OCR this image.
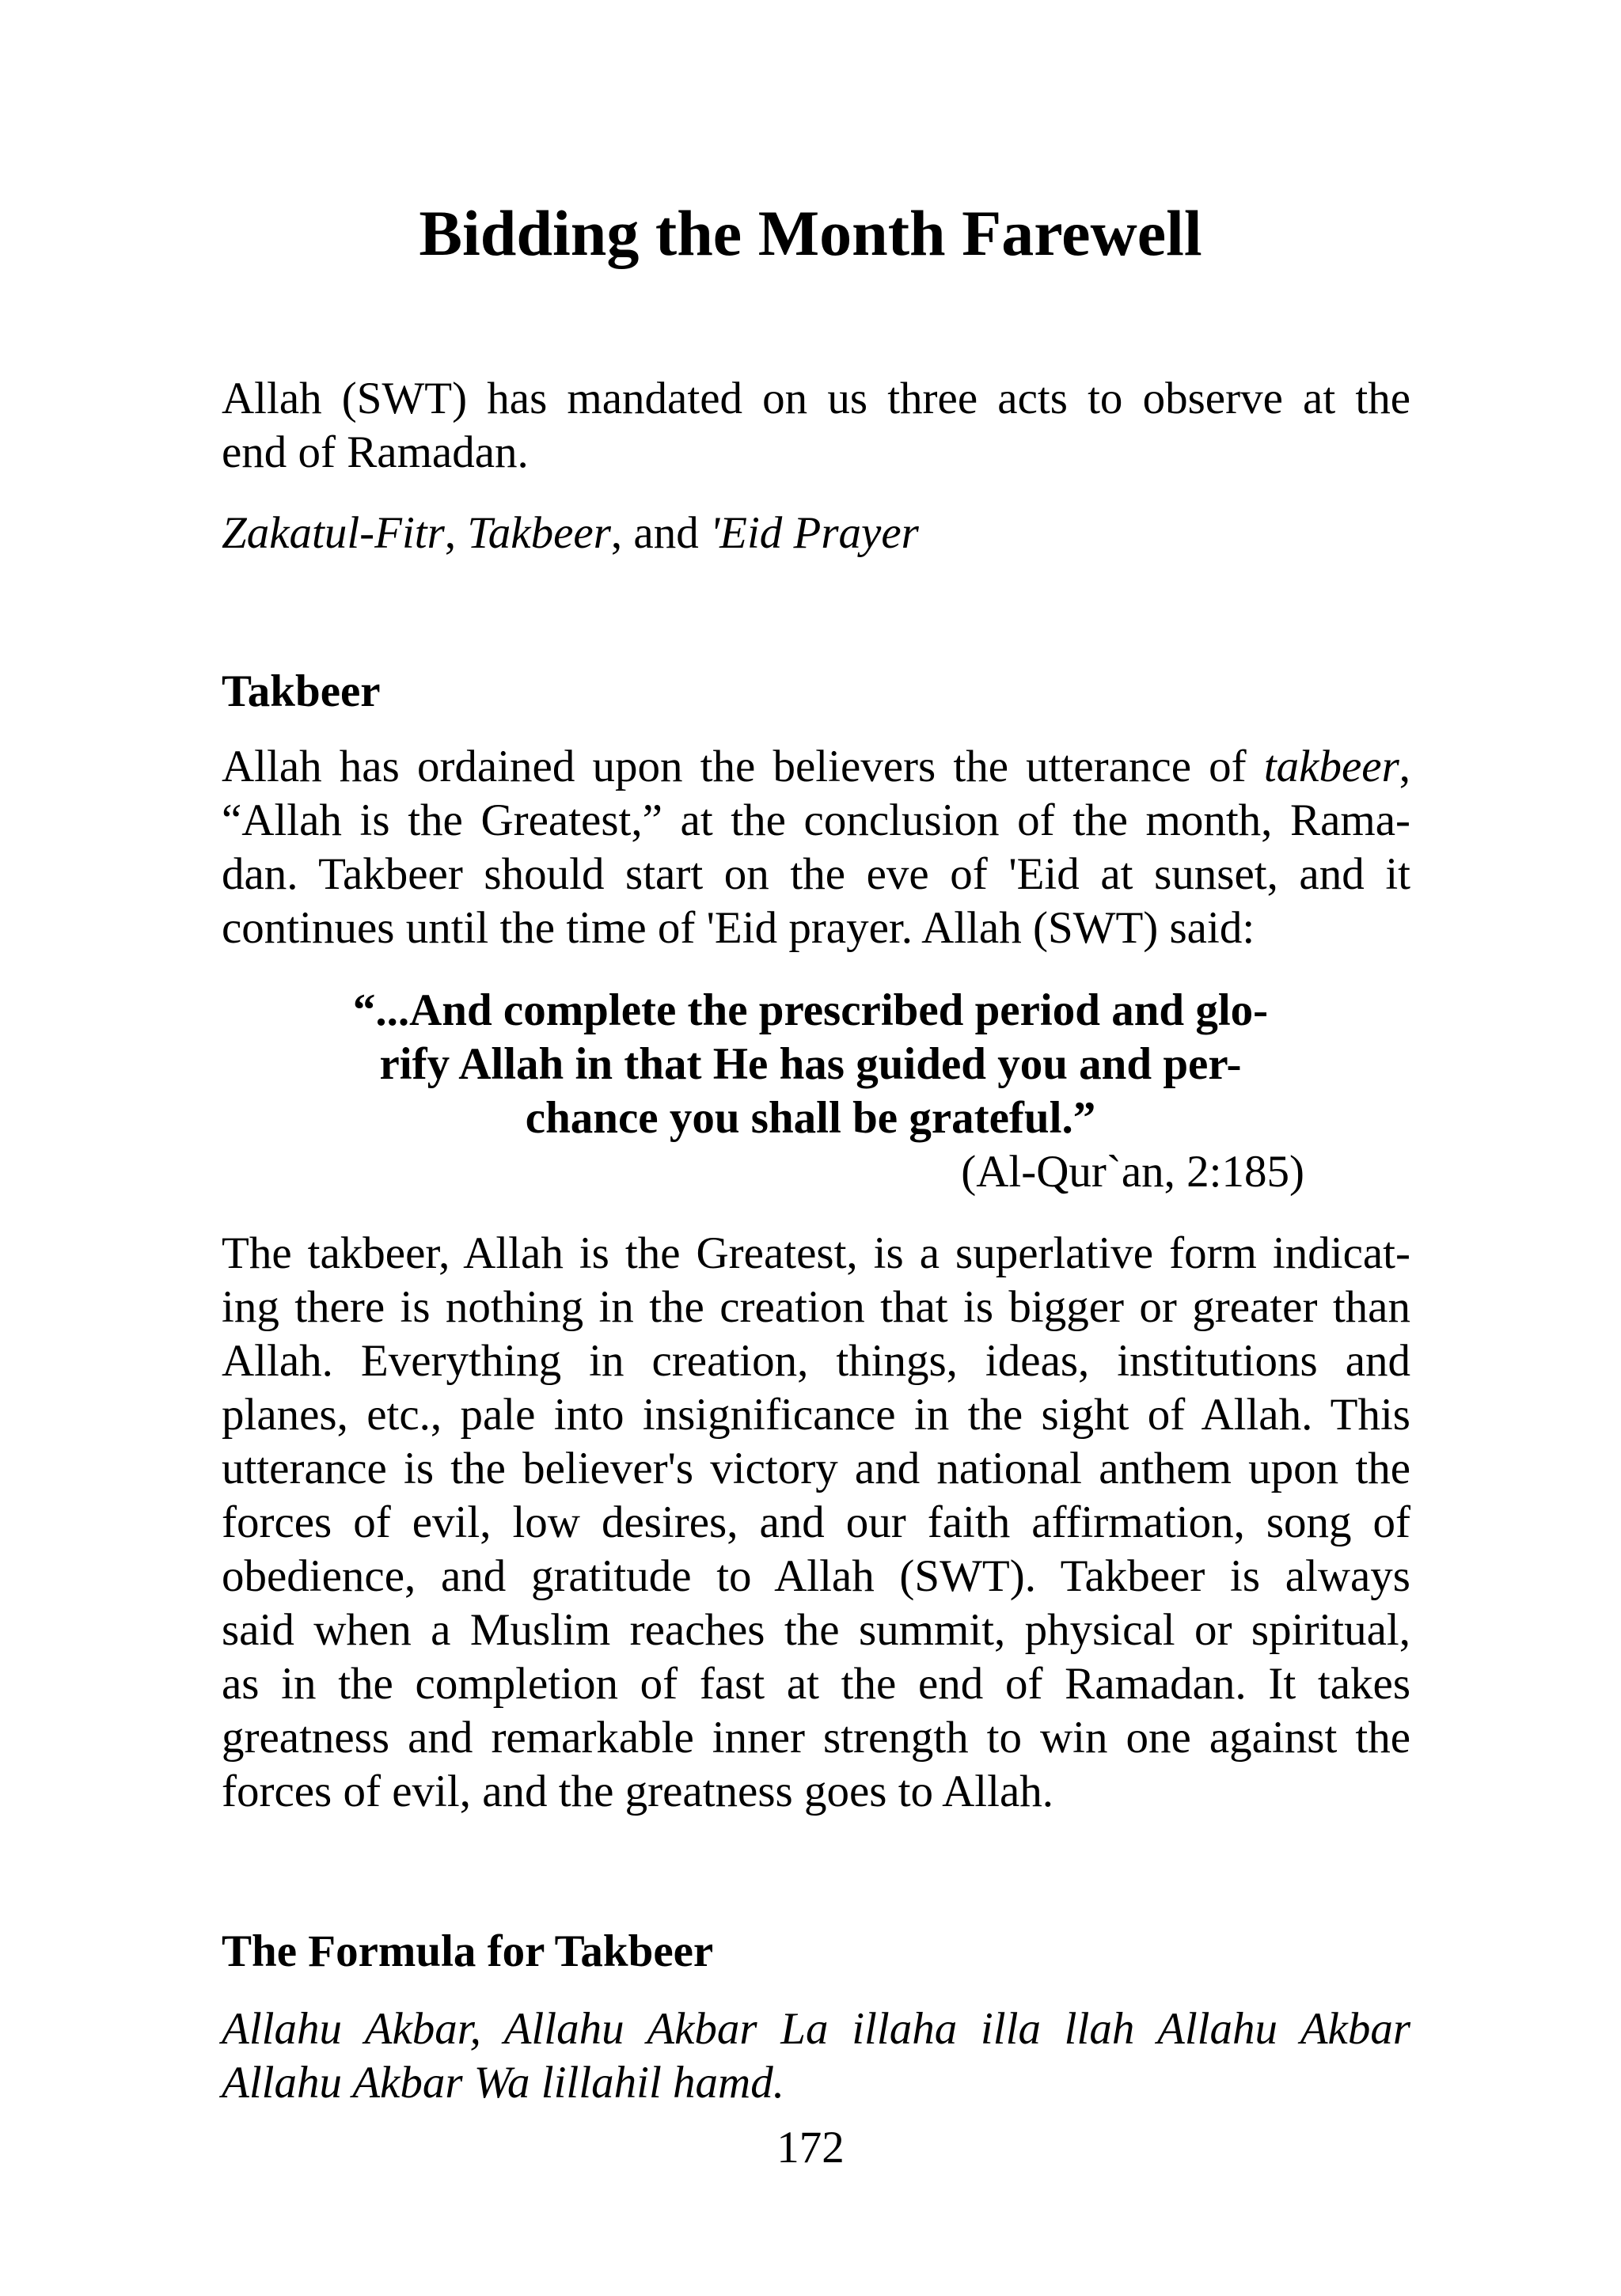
Bidding the Month Farewell

Allah (SWT) has mandated on us three acts to observe at the
end of Ramadan.

Zakatul-Fitr, Takbeer, and 'Eid Prayer

Takbeer

Allah has ordained upon the believers the utterance of takbeer,
“Allah is the Greatest,” at the conclusion of the month, Rama-
dan. Takbeer should start on the eve of 'Eid at sunset, and it
continues until the time of 'Eid prayer. Allah (SWT) said:

“...And complete the prescribed period and glo-
rify Allah in that He has guided you and per-
chance you shall be grateful.”

(Al-Qur`an, 2:185)

The takbeer, Allah is the Greatest, is a superlative form indicat-
ing there is nothing in the creation that is bigger or greater than
Allah. Everything in creation, things, ideas, institutions and
planes, etc., pale into insignificance in the sight of Allah. This
utterance is the believer's victory and national anthem upon the
forces of evil, low desires, and our faith affirmation, song of
obedience, and gratitude to Allah (SWT). Takbeer is always
said when a Muslim reaches the summit, physical or spiritual,
as in the completion of fast at the end of Ramadan. It takes
greatness and remarkable inner strength to win one against the
forces of evil, and the greatness goes to Allah.

The Formula for Takbeer

Allahu Akbar, Allahu Akbar La illaha illa llah Allahu Akbar
Allahu Akbar Wa lillahil hamd.

172
